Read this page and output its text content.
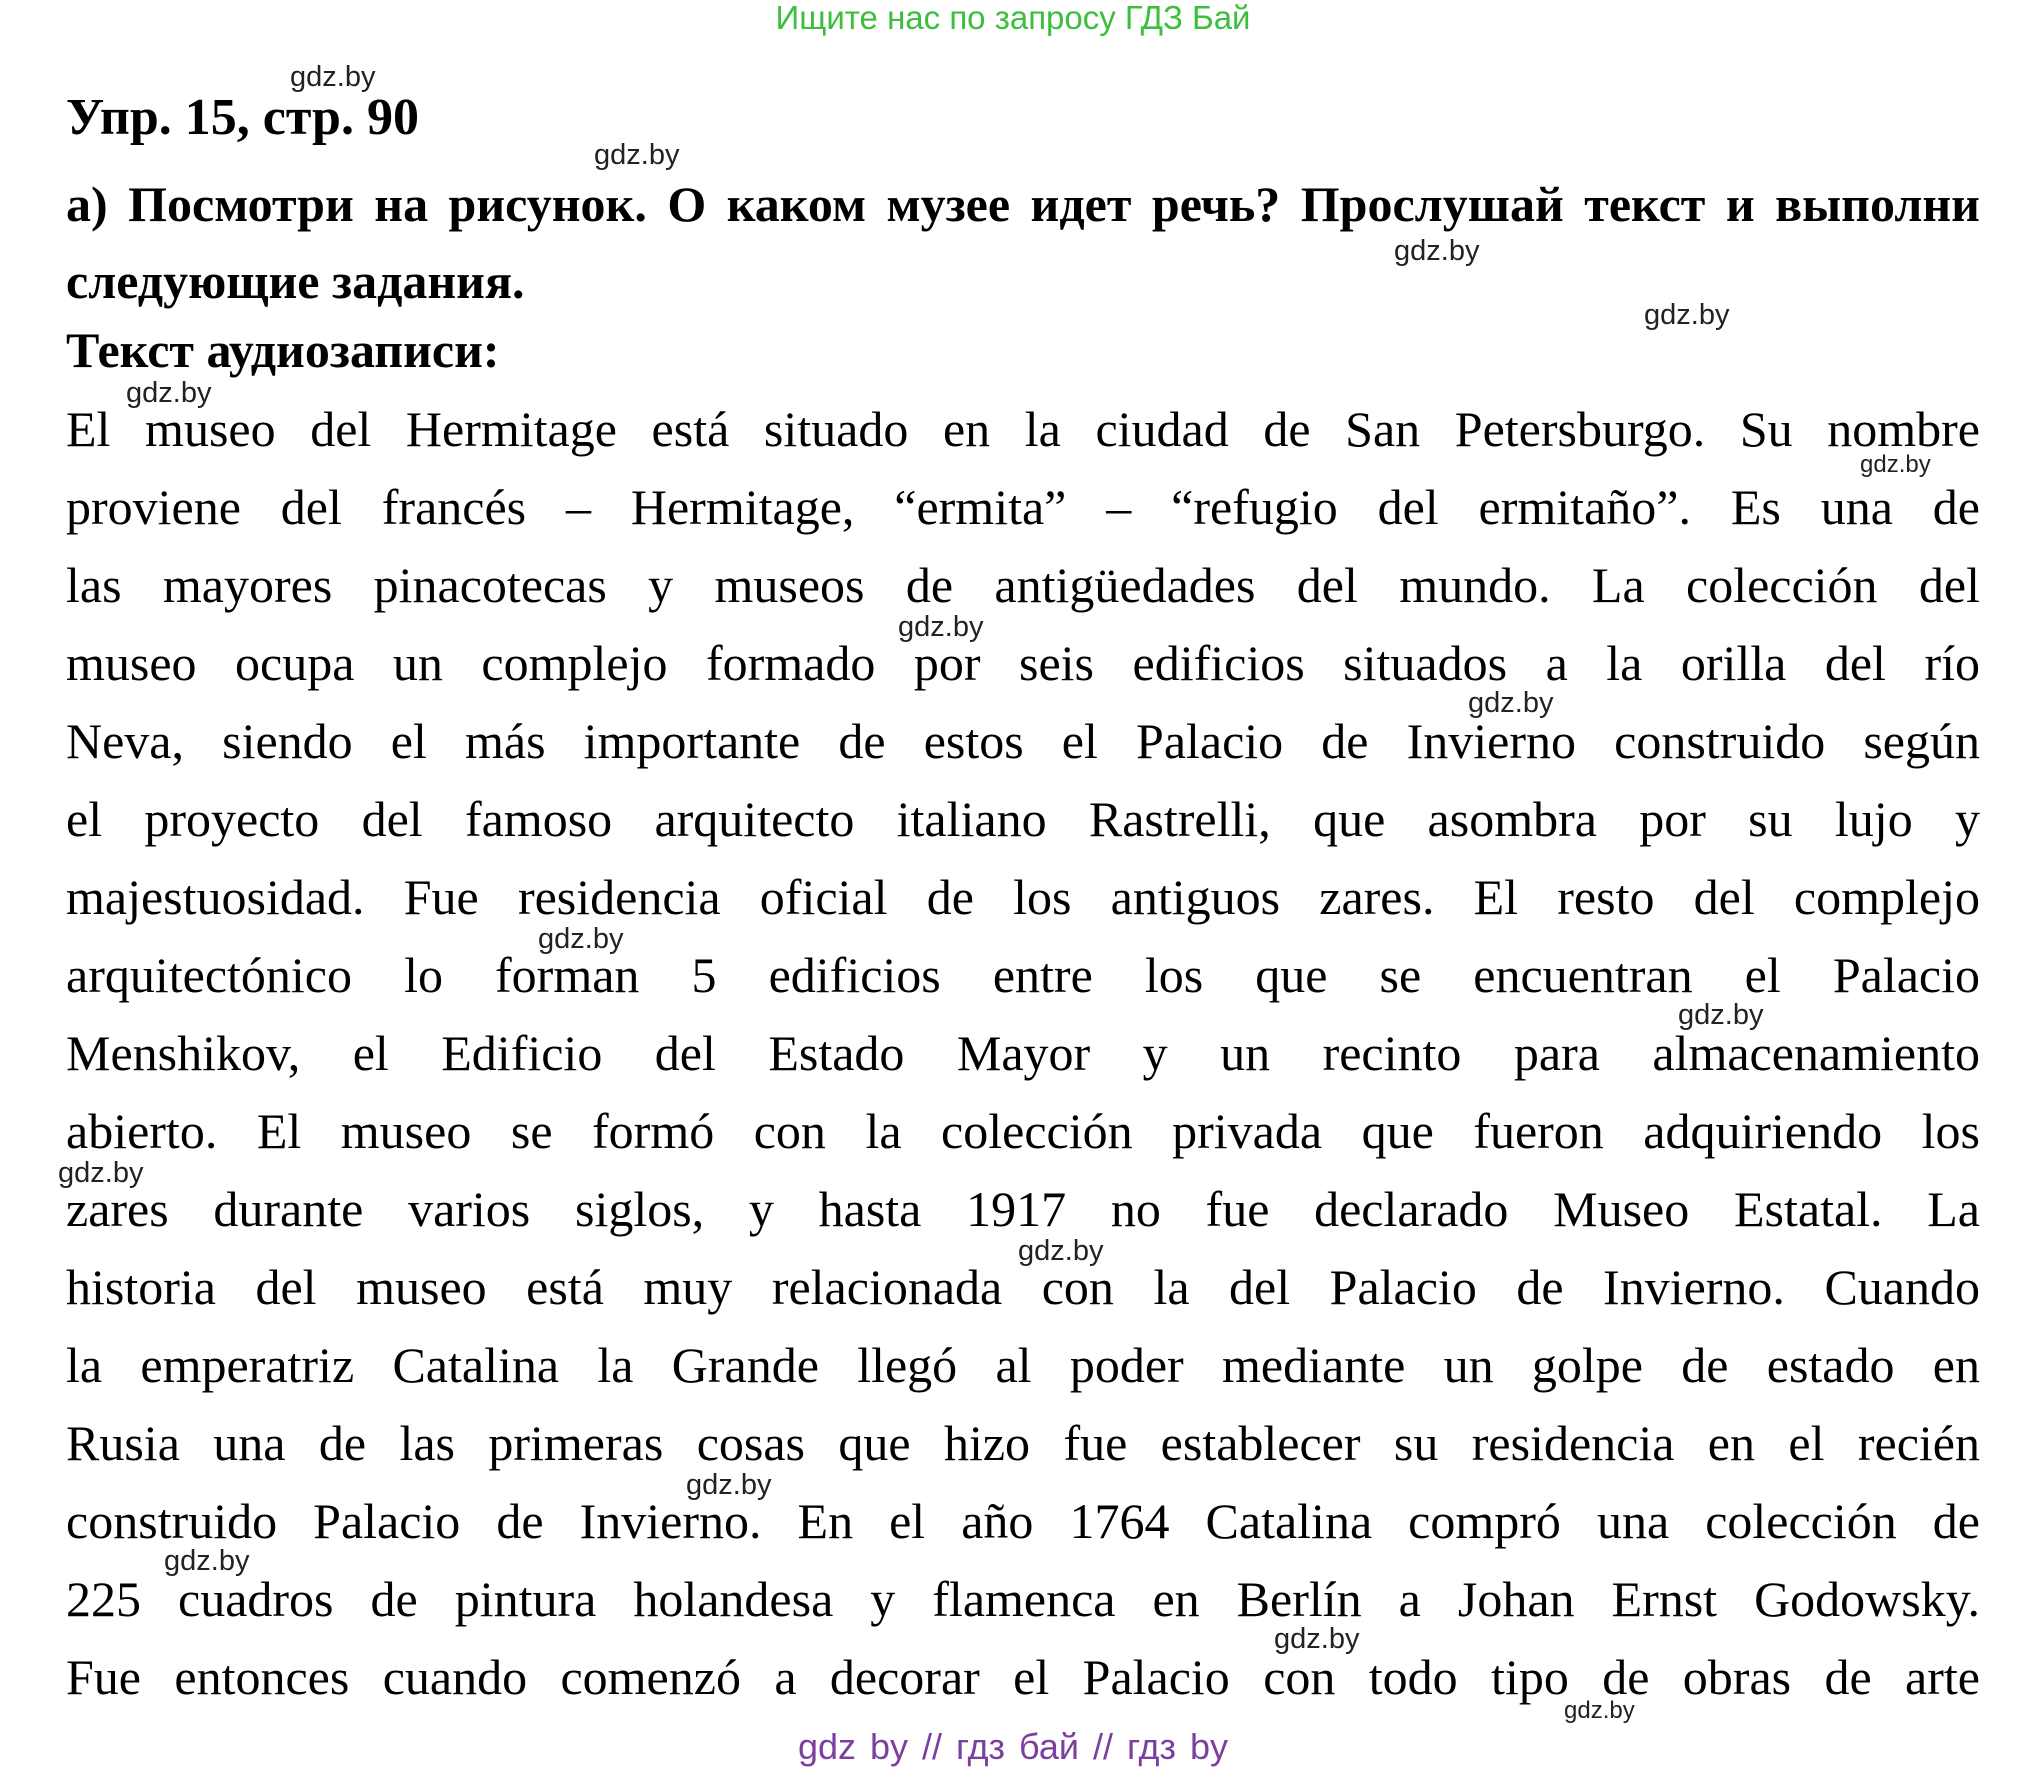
Ищите нас по запросу ГДЗ Бай
Упр. 15, стр. 90
а) Посмотри на рисунок. О каком музее идет речь? Прослушай текст и выполни следующие задания.
Текст аудиозаписи:
El museo del Hermitage está situado en la ciudad de San Petersburgo. Su nombre
proviene del francés – Hermitage, “ermita” – “refugio del ermitaño”. Es una de
las mayores pinacotecas y museos de antigüedades del mundo. La colección del
museo ocupa un complejo formado por seis edificios situados a la orilla del río
Neva, siendo el más importante de estos el Palacio de Invierno construido según
el proyecto del famoso arquitecto italiano Rastrelli, que asombra por su lujo y
majestuosidad. Fue residencia oficial de los antiguos zares. El resto del complejo
arquitectónico lo forman 5 edificios entre los que se encuentran el Palacio
Menshikov, el Edificio del Estado Mayor y un recinto para almacenamiento
abierto. El museo se formó con la colección privada que fueron adquiriendo los
zares durante varios siglos, y hasta 1917 no fue declarado Museo Estatal. La
historia del museo está muy relacionada con la del Palacio de Invierno. Cuando
la emperatriz Catalina la Grande llegó al poder mediante un golpe de estado en
Rusia una de las primeras cosas que hizo fue establecer su residencia en el recién
construido Palacio de Invierno. En el año 1764 Catalina compró una colección de
225 cuadros de pintura holandesa y flamenca en Berlín a Johan Ernst Godowsky.
Fue entonces cuando comenzó a decorar el Palacio con todo tipo de obras de arte
gdz.by
gdz.by
gdz.by
gdz.by
gdz.by
gdz.by
gdz.by
gdz.by
gdz.by
gdz.by
gdz.by
gdz.by
gdz.by
gdz.by
gdz.by
gdz.by
gdz by // гдз бай // гдз by
